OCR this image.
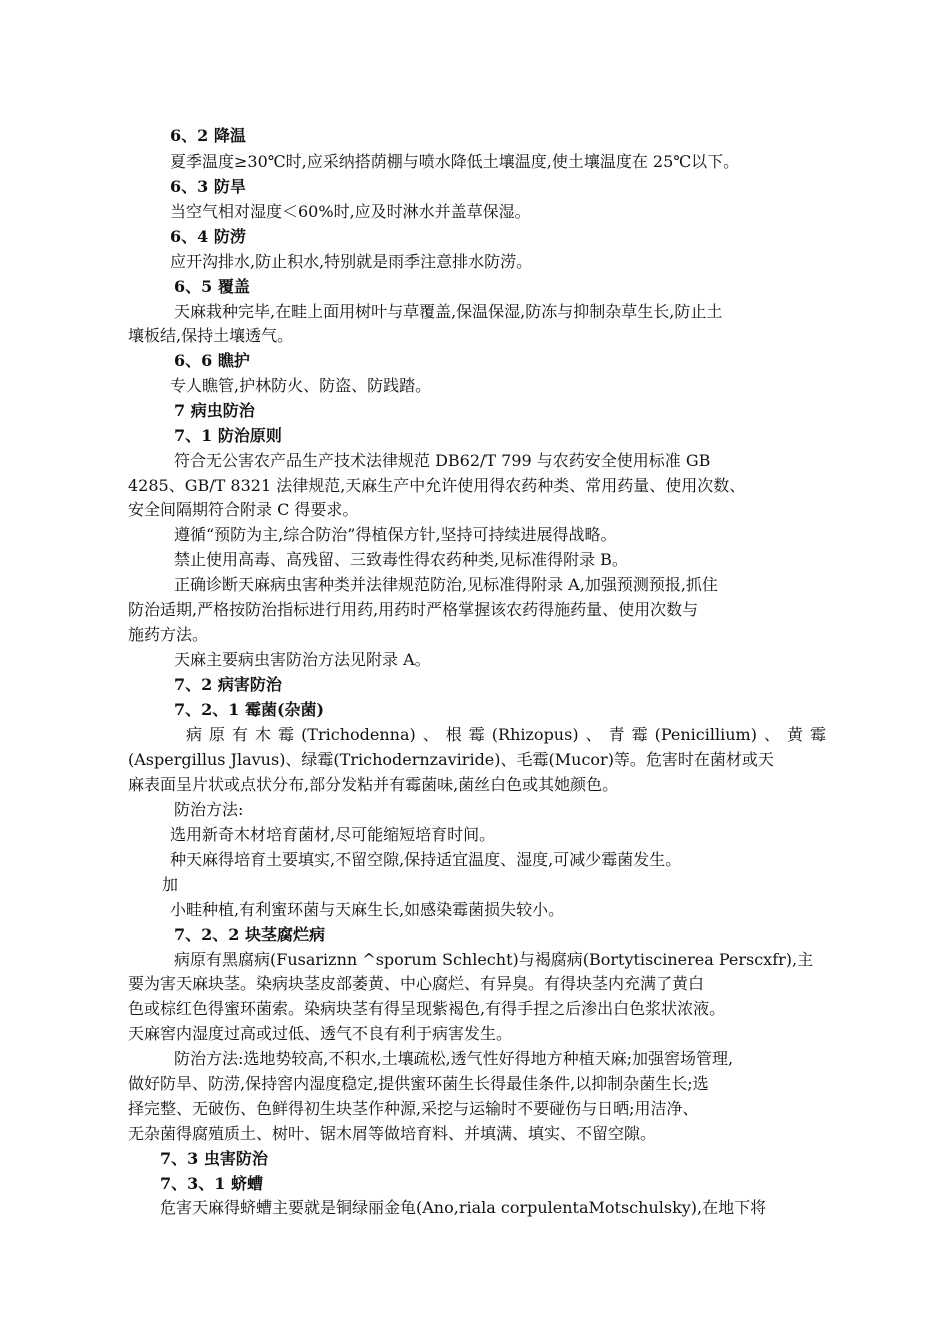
6、2 降温
夏季温度≥30℃时,应采纳搭荫棚与喷水降低土壤温度,使土壤温度在 25℃以下。
6、3 防旱
当空气相对湿度＜60%时,应及时淋水并盖草保湿。
6、4 防涝
应开沟排水,防止积水,特别就是雨季注意排水防涝。
6、5 覆盖
天麻栽种完毕,在畦上面用树叶与草覆盖,保温保湿,防冻与抑制杂草生长,防止土
壤板结,保持土壤透气。
6、6 瞧护
专人瞧管,护林防火、防盗、防践踏。
7 病虫防治
7、1 防治原则
符合无公害农产品生产技术法律规范 DB62/T 799 与农药安全使用标准 GB
4285、GB/T 8321 法律规范,天麻生产中允许使用得农药种类、常用药量、使用次数、
安全间隔期符合附录 C 得要求。
遵循“预防为主,综合防治”得植保方针,坚持可持续进展得战略。
禁止使用高毒、高残留、三致毒性得农药种类,见标准得附录 B。
正确诊断天麻病虫害种类并法律规范防治,见标准得附录 A,加强预测预报,抓住
防治适期,严格按防治指标进行用药,用药时严格掌握该农药得施药量、使用次数与
施药方法。
天麻主要病虫害防治方法见附录 A。
7、2 病害防治
7、2、1 霉菌(杂菌)
病原有木霉(Trichodenna)、根霉(Rhizopus)、青霉(Penicillium)、黄霉
(Aspergillus Jlavus)、绿霉(Trichodernzaviride)、毛霉(Mucor)等。危害时在菌材或天
麻表面呈片状或点状分布,部分发粘并有霉菌味,菌丝白色或其她颜色。
防治方法:
选用新奇木材培育菌材,尽可能缩短培育时间。
种天麻得培育土要填实,不留空隙,保持适宜温度、湿度,可减少霉菌发生。
加
小畦种植,有利蜜环菌与天麻生长,如感染霉菌损失较小。
7、2、2 块茎腐烂病
病原有黑腐病(Fusariznn ^sporum Schlecht)与褐腐病(Bortytiscinerea Perscxfr),主
要为害天麻块茎。染病块茎皮部萎黄、中心腐烂、有异臭。有得块茎内充满了黄白
色或棕红色得蜜环菌索。染病块茎有得呈现紫褐色,有得手捏之后渗出白色浆状浓液。
天麻窖内湿度过高或过低、透气不良有利于病害发生。
防治方法:选地势较高,不积水,土壤疏松,透气性好得地方种植天麻;加强窖场管理,
做好防旱、防涝,保持窖内湿度稳定,提供蜜环菌生长得最佳条件,以抑制杂菌生长;选
择完整、无破伤、色鲜得初生块茎作种源,采挖与运输时不要碰伤与日晒;用洁净、
无杂菌得腐殖质土、树叶、锯木屑等做培育料、并填满、填实、不留空隙。
7、3 虫害防治
7、3、1 蛴螬
危害天麻得蛴螬主要就是铜绿丽金龟(Ano,riala corpulentaMotschulsky),在地下将
